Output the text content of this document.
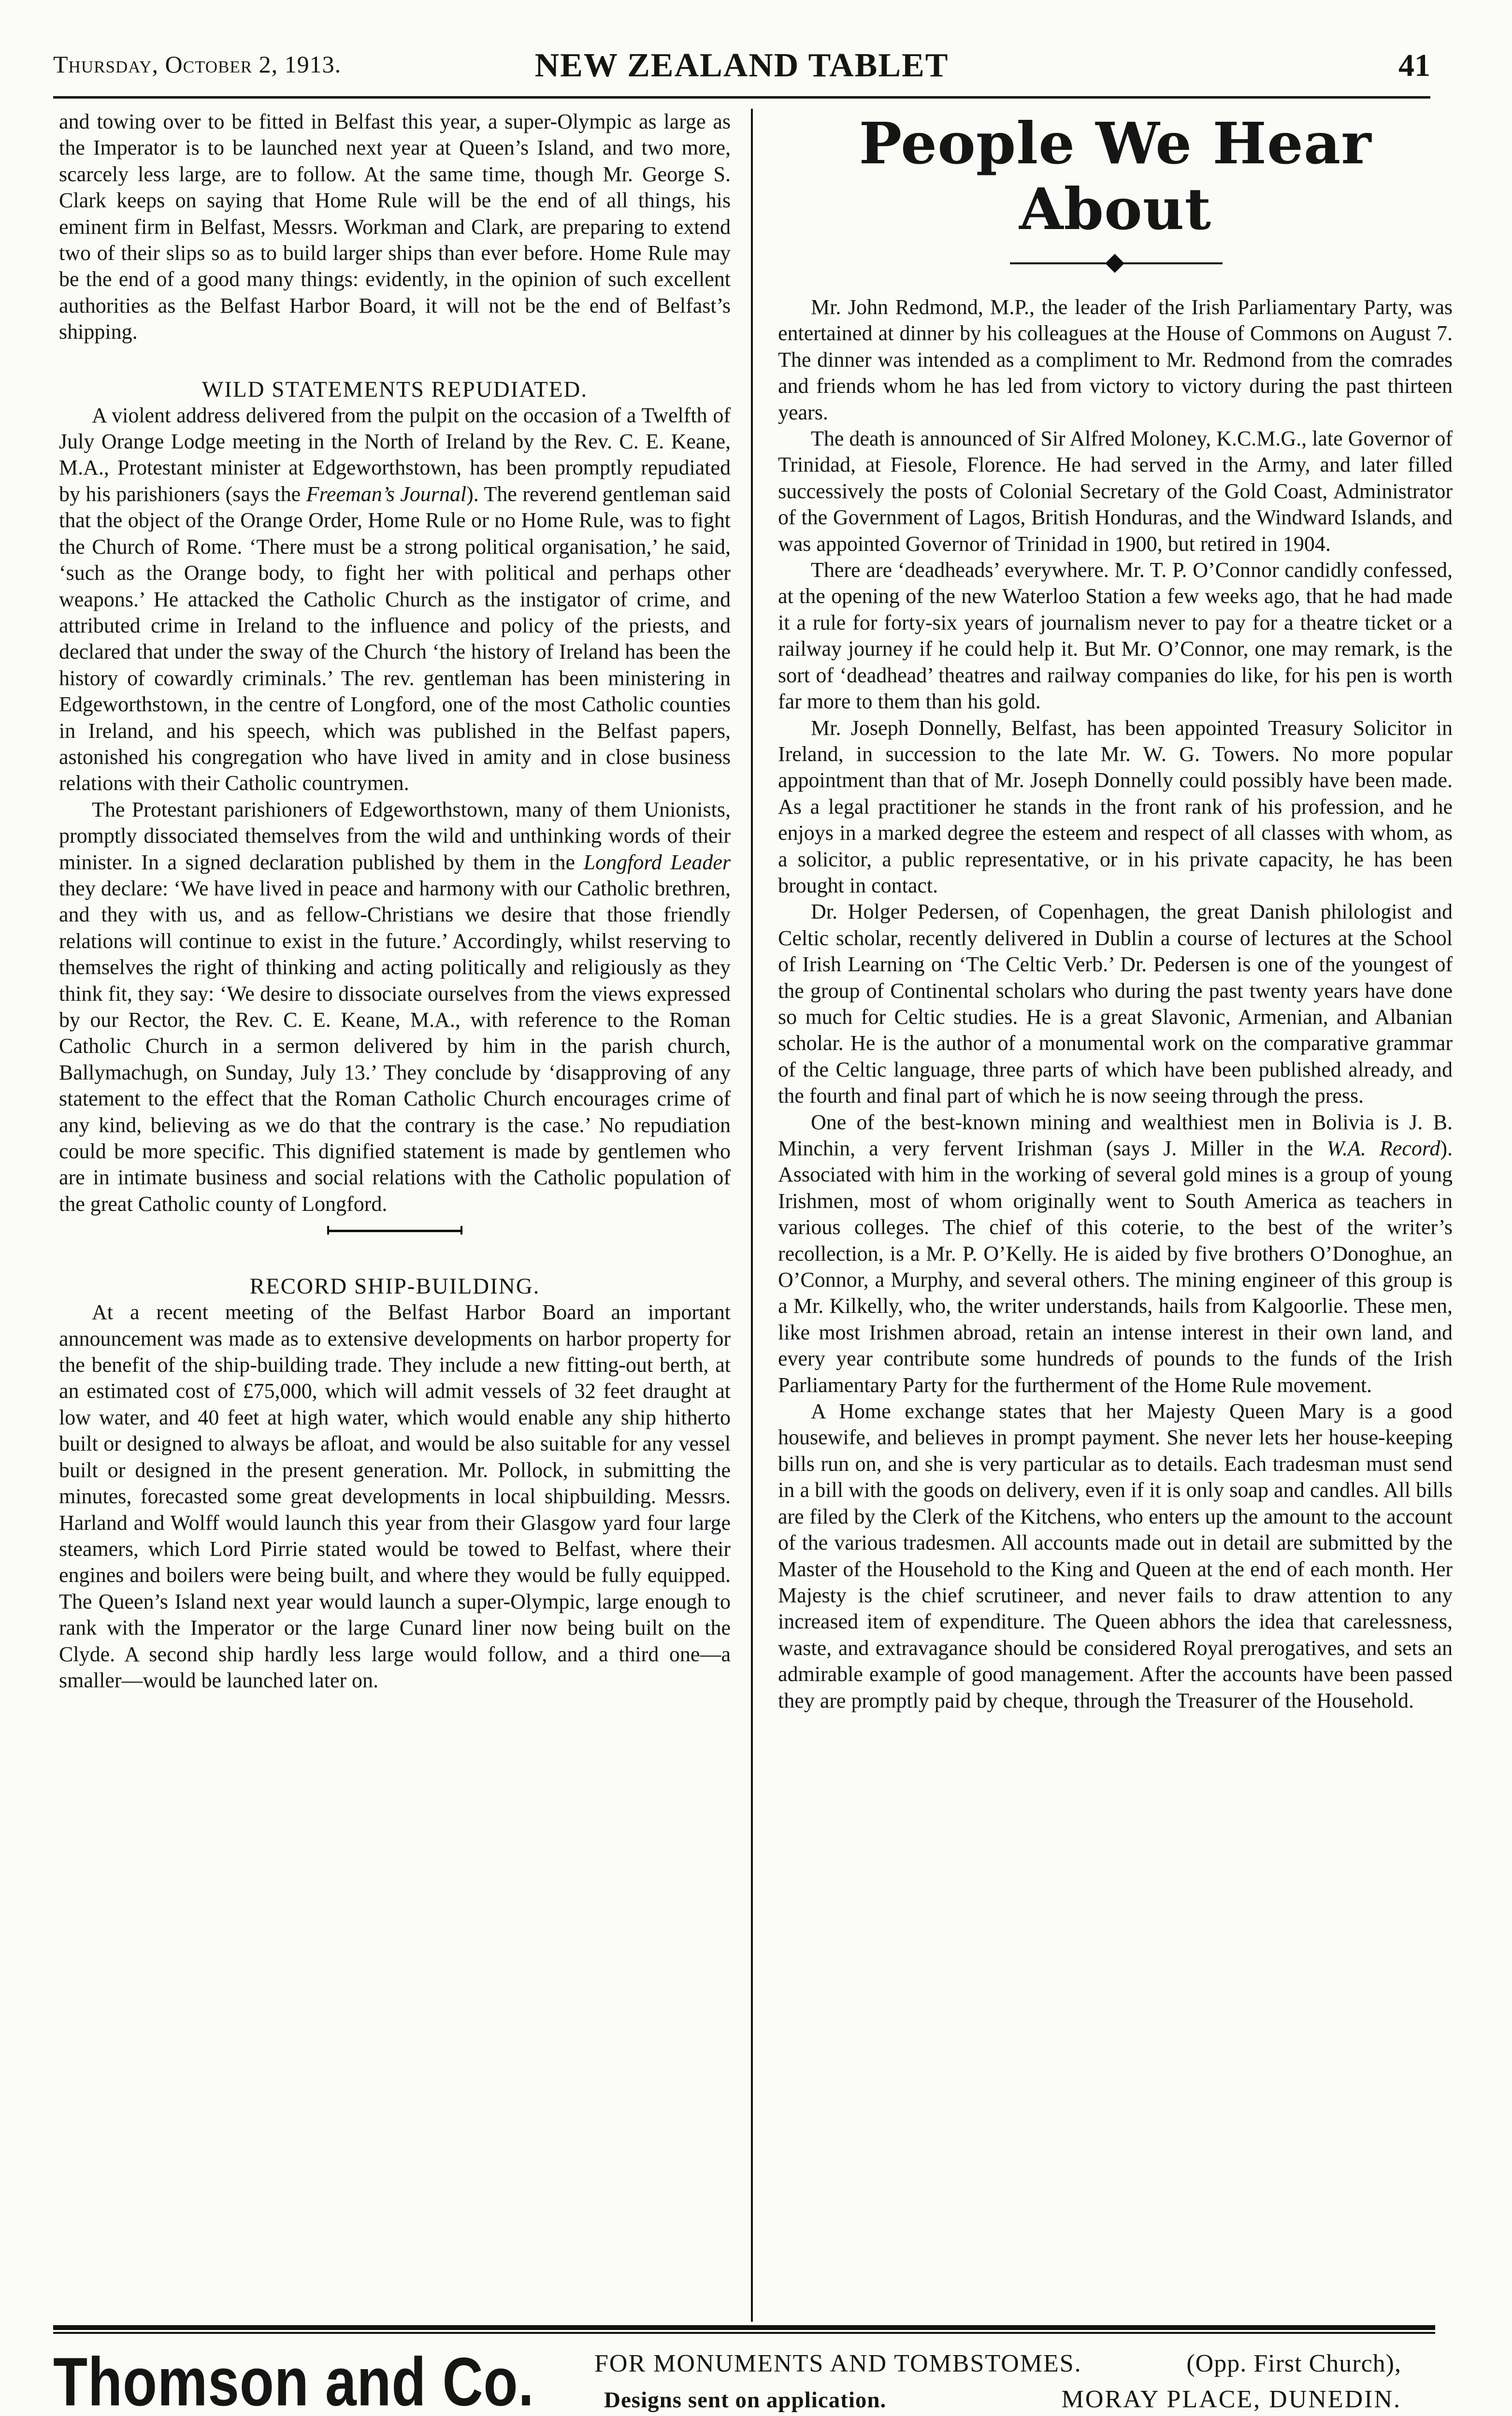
Thursday, October 2, 1913.	NEW ZEALAND TABLET	41

and towing over to be fitted in Belfast this year, a super-Olympic as large as the Imperator is to be launched next year at Queen’s Island, and two more, scarcely less large, are to follow. At the same time, though Mr. George S. Clark keeps on saying that Home Rule will be the end of all things, his eminent firm in Belfast, Messrs. Workman and Clark, are preparing to extend two of their slips so as to build larger ships than ever before. Home Rule may be the end of a good many things: evidently, in the opinion of such excellent authorities as the Belfast Harbor Board, it will not be the end of Belfast’s shipping.

WILD STATEMENTS REPUDIATED.

A violent address delivered from the pulpit on the occasion of a Twelfth of July Orange Lodge meeting in the North of Ireland by the Rev. C. E. Keane, M.A., Protestant minister at Edgeworthstown, has been promptly repudiated by his parishioners (says the Freeman’s Journal). The reverend gentleman said that the object of the Orange Order, Home Rule or no Home Rule, was to fight the Church of Rome. ‘There must be a strong political organisation,’ he said, ‘such as the Orange body, to fight her with political and perhaps other weapons.’ He attacked the Catholic Church as the instigator of crime, and attributed crime in Ireland to the influence and policy of the priests, and declared that under the sway of the Church ‘the history of Ireland has been the history of cowardly criminals.’ The rev. gentleman has been ministering in Edgeworthstown, in the centre of Longford, one of the most Catholic counties in Ireland, and his speech, which was published in the Belfast papers, astonished his congregation who have lived in amity and in close business relations with their Catholic countrymen.

The Protestant parishioners of Edgeworthstown, many of them Unionists, promptly dissociated themselves from the wild and unthinking words of their minister. In a signed declaration published by them in the Longford Leader they declare: ‘We have lived in peace and harmony with our Catholic brethren, and they with us, and as fellow-Christians we desire that those friendly relations will continue to exist in the future.’ Accordingly, whilst reserving to themselves the right of thinking and acting politically and religiously as they think fit, they say: ‘We desire to dissociate ourselves from the views expressed by our Rector, the Rev. C. E. Keane, M.A., with reference to the Roman Catholic Church in a sermon delivered by him in the parish church, Ballymachugh, on Sunday, July 13.’ They conclude by ‘disapproving of any statement to the effect that the Roman Catholic Church encourages crime of any kind, believing as we do that the contrary is the case.’ No repudiation could be more specific. This dignified statement is made by gentlemen who are in intimate business and social relations with the Catholic population of the great Catholic county of Longford.

RECORD SHIP-BUILDING.

At a recent meeting of the Belfast Harbor Board an important announcement was made as to extensive developments on harbor property for the benefit of the ship-building trade. They include a new fitting-out berth, at an estimated cost of £75,000, which will admit vessels of 32 feet draught at low water, and 40 feet at high water, which would enable any ship hitherto built or designed to always be afloat, and would be also suitable for any vessel built or designed in the present generation. Mr. Pollock, in submitting the minutes, forecasted some great developments in local shipbuilding. Messrs. Harland and Wolff would launch this year from their Glasgow yard four large steamers, which Lord Pirrie stated would be towed to Belfast, where their engines and boilers were being built, and where they would be fully equipped. The Queen’s Island next year would launch a super-Olympic, large enough to rank with the Imperator or the large Cunard liner now being built on the Clyde. A second ship hardly less large would follow, and a third one—a smaller—would be launched later on.

People We Hear About

Mr. John Redmond, M.P., the leader of the Irish Parliamentary Party, was entertained at dinner by his colleagues at the House of Commons on August 7. The dinner was intended as a compliment to Mr. Redmond from the comrades and friends whom he has led from victory to victory during the past thirteen years.

The death is announced of Sir Alfred Moloney, K.C.M.G., late Governor of Trinidad, at Fiesole, Florence. He had served in the Army, and later filled successively the posts of Colonial Secretary of the Gold Coast, Administrator of the Government of Lagos, British Honduras, and the Windward Islands, and was appointed Governor of Trinidad in 1900, but retired in 1904.

There are ‘deadheads’ everywhere. Mr. T. P. O’Connor candidly confessed, at the opening of the new Waterloo Station a few weeks ago, that he had made it a rule for forty-six years of journalism never to pay for a theatre ticket or a railway journey if he could help it. But Mr. O’Connor, one may remark, is the sort of ‘deadhead’ theatres and railway companies do like, for his pen is worth far more to them than his gold.

Mr. Joseph Donnelly, Belfast, has been appointed Treasury Solicitor in Ireland, in succession to the late Mr. W. G. Towers. No more popular appointment than that of Mr. Joseph Donnelly could possibly have been made. As a legal practitioner he stands in the front rank of his profession, and he enjoys in a marked degree the esteem and respect of all classes with whom, as a solicitor, a public representative, or in his private capacity, he has been brought in contact.

Dr. Holger Pedersen, of Copenhagen, the great Danish philologist and Celtic scholar, recently delivered in Dublin a course of lectures at the School of Irish Learning on ‘The Celtic Verb.’ Dr. Pedersen is one of the youngest of the group of Continental scholars who during the past twenty years have done so much for Celtic studies. He is a great Slavonic, Armenian, and Albanian scholar. He is the author of a monumental work on the comparative grammar of the Celtic language, three parts of which have been published already, and the fourth and final part of which he is now seeing through the press.

One of the best-known mining and wealthiest men in Bolivia is J. B. Minchin, a very fervent Irishman (says J. Miller in the W.A. Record). Associated with him in the working of several gold mines is a group of young Irishmen, most of whom originally went to South America as teachers in various colleges. The chief of this coterie, to the best of the writer’s recollection, is a Mr. P. O’Kelly. He is aided by five brothers O’Donoghue, an O’Connor, a Murphy, and several others. The mining engineer of this group is a Mr. Kilkelly, who, the writer understands, hails from Kalgoorlie. These men, like most Irishmen abroad, retain an intense interest in their own land, and every year contribute some hundreds of pounds to the funds of the Irish Parliamentary Party for the furtherment of the Home Rule movement.

A Home exchange states that her Majesty Queen Mary is a good housewife, and believes in prompt payment. She never lets her house-keeping bills run on, and she is very particular as to details. Each tradesman must send in a bill with the goods on delivery, even if it is only soap and candles. All bills are filed by the Clerk of the Kitchens, who enters up the amount to the account of the various tradesmen. All accounts made out in detail are submitted by the Master of the Household to the King and Queen at the end of each month. Her Majesty is the chief scrutineer, and never fails to draw attention to any increased item of expenditure. The Queen abhors the idea that carelessness, waste, and extravagance should be considered Royal prerogatives, and sets an admirable example of good management. After the accounts have been passed they are promptly paid by cheque, through the Treasurer of the Household.

Thomson and Co. FOR MONUMENTS AND TOMBSTOMES.	(Opp. First Church),
Designs sent on application.	MORAY PLACE, DUNEDIN.
